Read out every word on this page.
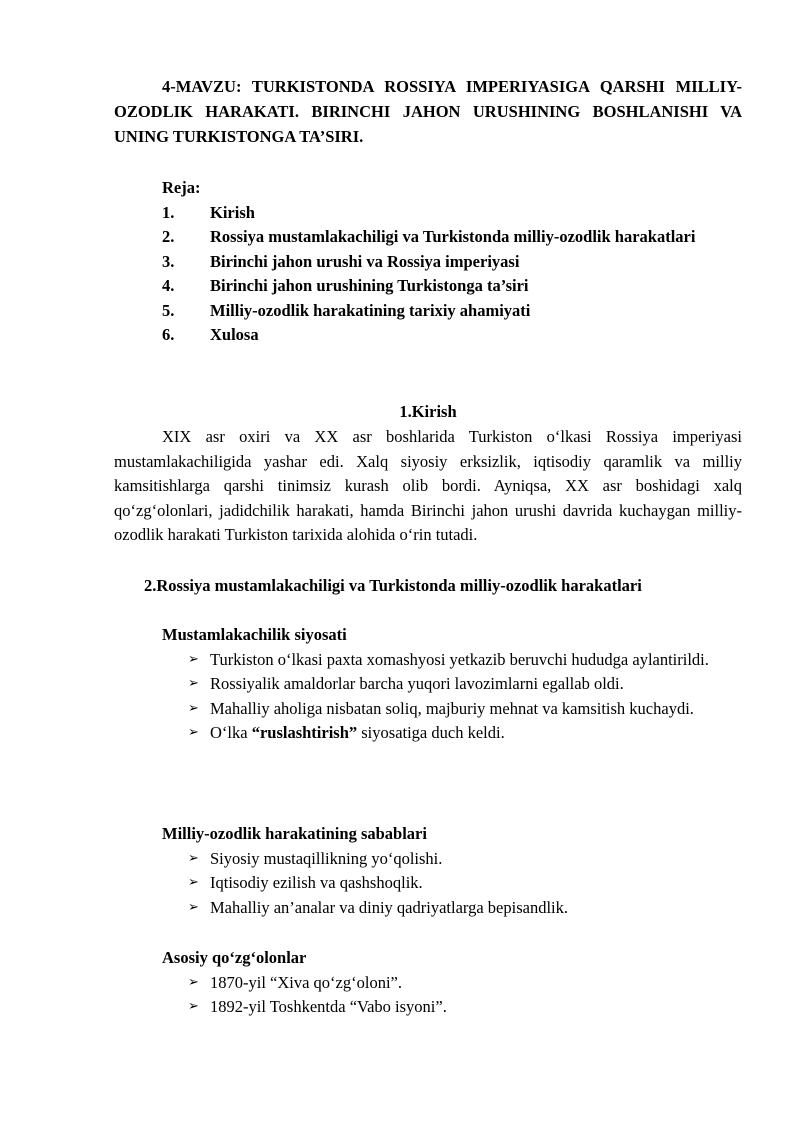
4-MAVZU: TURKISTONDA ROSSIYA IMPERIYASIGA QARSHI MILLIY-OZODLIK HARAKATI. BIRINCHI JAHON URUSHINING BOSHLANISHI VA UNING TURKISTONGA TA’SIRI.
Reja:
1.	Kirish
2. Rossiya mustamlakachiligi va Turkistonda milliy-ozodlik harakatlari
3.	Birinchi jahon urushi va Rossiya imperiyasi
4.	Birinchi jahon urushining Turkistonga ta’siri
5.	Milliy-ozodlik harakatining tarixiy ahamiyati
6.	Xulosa
1.Kirish
XIX asr oxiri va XX asr boshlarida Turkiston o‘lkasi Rossiya imperiyasi mustamlakachiligida yashar edi. Xalq siyosiy erksizlik, iqtisodiy qaramlik va milliy kamsitishlarga qarshi tinimsiz kurash olib bordi. Ayniqsa, XX asr boshidagi xalq qo‘zg‘olonlari, jadidchilik harakati, hamda Birinchi jahon urushi davrida kuchaygan milliy-ozodlik harakati Turkiston tarixida alohida o‘rin tutadi.
2.Rossiya mustamlakachiligi va Turkistonda milliy-ozodlik harakatlari
Mustamlakachilik siyosati
➢ Turkiston o‘lkasi paxta xomashyosi yetkazib beruvchi hududga aylantirildi.
➢ Rossiyalik amaldorlar barcha yuqori lavozimlarni egallab oldi.
➢ Mahalliy aholiga nisbatan soliq, majburiy mehnat va kamsitish kuchaydi.
➢ O‘lka “ruslashtirish” siyosatiga duch keldi.
Milliy-ozodlik harakatining sabablari
➢ Siyosiy mustaqillikning yo‘qolishi.
➢ Iqtisodiy ezilish va qashshoqlik.
➢ Mahalliy an’analar va diniy qadriyatlarga bepisandlik.
Asosiy qo‘zg‘olonlar
➢ 1870-yil “Xiva qo‘zg‘oloni”.
➢ 1892-yil Toshkentda “Vabo isyoni”.
